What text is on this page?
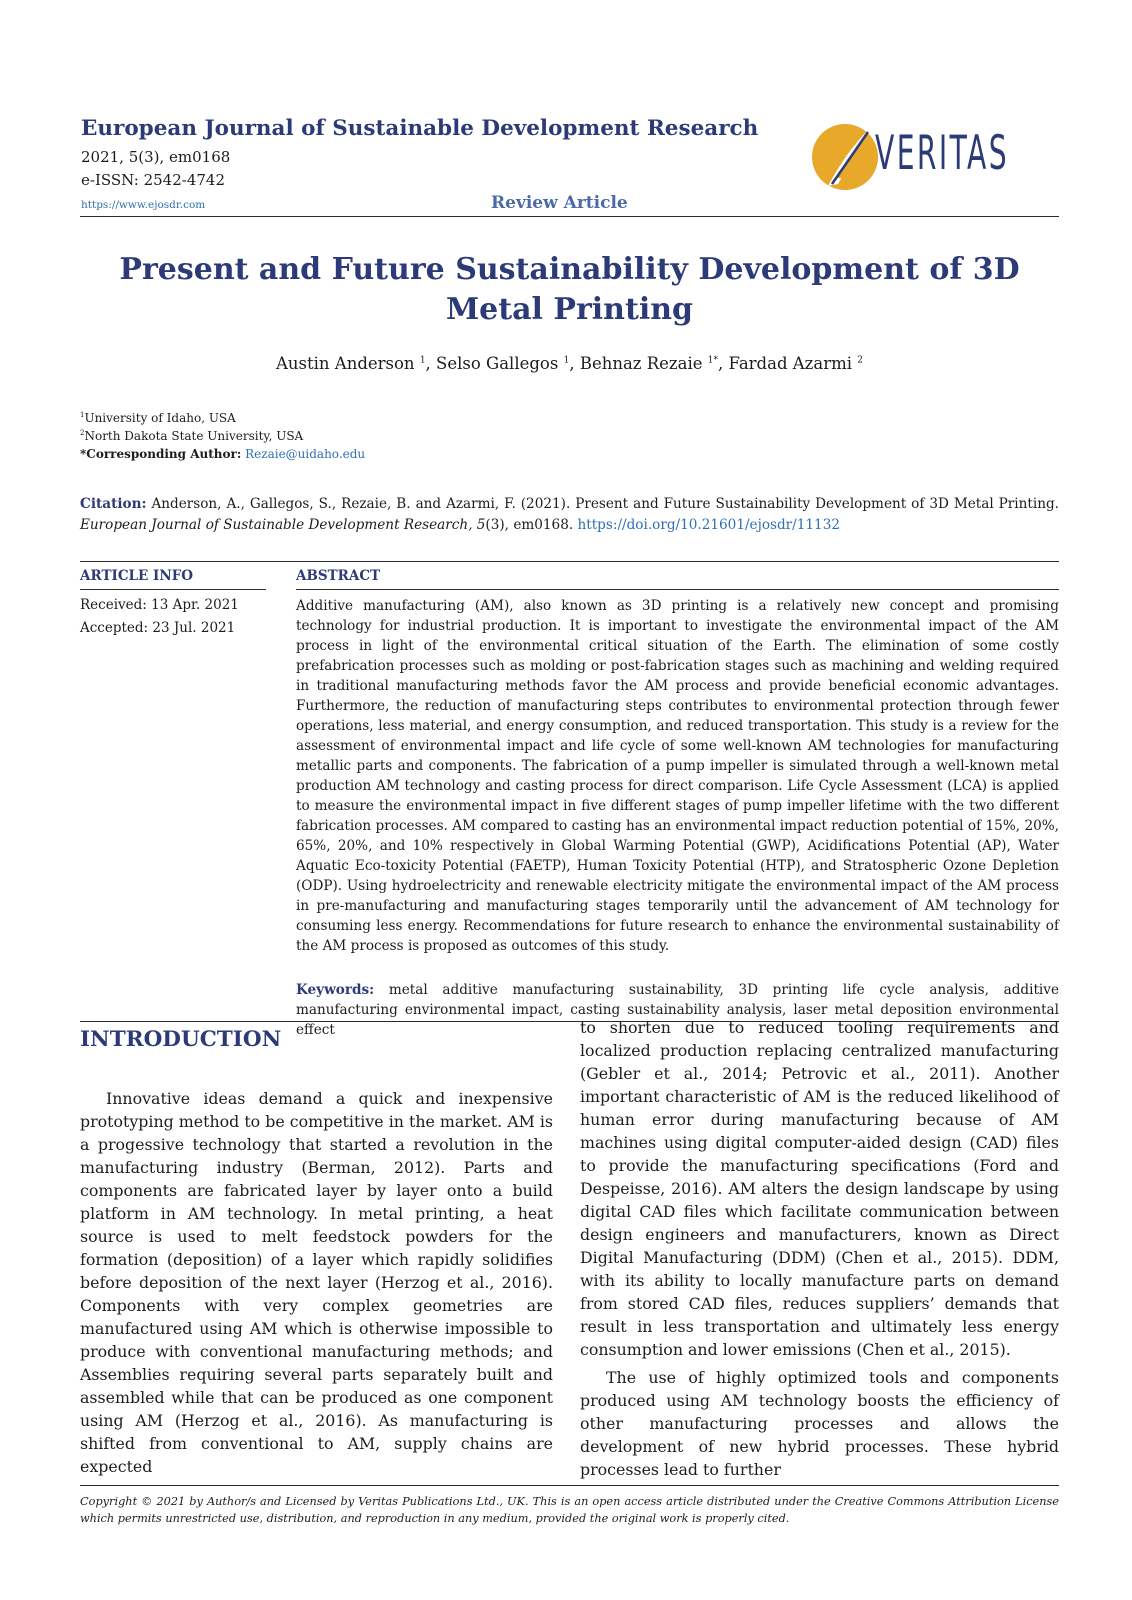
European Journal of Sustainable Development Research
2021, 5(3), em0168
e-ISSN: 2542-4742
https://www.ejosdr.com	Review Article
VERITAS
Present and Future Sustainability Development of 3D Metal Printing
Austin Anderson $^1$, Selso Gallegos $^1$, Behnaz Rezaie $^{1*}$, Fardad Azarmi $^2$
$^1$University of Idaho, USA
$^2$North Dakota State University, USA
*Corresponding Author: Rezaie@uidaho.edu
Citation: Anderson, A., Gallegos, S., Rezaie, B. and Azarmi, F. (2021). Present and Future Sustainability Development of 3D Metal Printing. European Journal of Sustainable Development Research, 5(3), em0168. https://doi.org/10.21601/ejosdr/11132
ARTICLE INFO
Received: 13 Apr. 2021
Accepted: 23 Jul. 2021
ABSTRACT
Additive manufacturing (AM), also known as 3D printing is a relatively new concept and promising technology for industrial production. It is important to investigate the environmental impact of the AM process in light of the environmental critical situation of the Earth. The elimination of some costly prefabrication processes such as molding or post-fabrication stages such as machining and welding required in traditional manufacturing methods favor the AM process and provide beneficial economic advantages. Furthermore, the reduction of manufacturing steps contributes to environmental protection through fewer operations, less material, and energy consumption, and reduced transportation. This study is a review for the assessment of environmental impact and life cycle of some well-known AM technologies for manufacturing metallic parts and components. The fabrication of a pump impeller is simulated through a well-known metal production AM technology and casting process for direct comparison. Life Cycle Assessment (LCA) is applied to measure the environmental impact in five different stages of pump impeller lifetime with the two different fabrication processes. AM compared to casting has an environmental impact reduction potential of 15%, 20%, 65%, 20%, and 10% respectively in Global Warming Potential (GWP), Acidifications Potential (AP), Water Aquatic Eco-toxicity Potential (FAETP), Human Toxicity Potential (HTP), and Stratospheric Ozone Depletion (ODP). Using hydroelectricity and renewable electricity mitigate the environmental impact of the AM process in pre-manufacturing and manufacturing stages temporarily until the advancement of AM technology for consuming less energy. Recommendations for future research to enhance the environmental sustainability of the AM process is proposed as outcomes of this study.
Keywords: metal additive manufacturing sustainability, 3D printing life cycle analysis, additive manufacturing environmental impact, casting sustainability analysis, laser metal deposition environmental effect
INTRODUCTION

Innovative ideas demand a quick and inexpensive prototyping method to be competitive in the market. AM is a progessive technology that started a revolution in the manufacturing industry (Berman, 2012). Parts and components are fabricated layer by layer onto a build platform in AM technology. In metal printing, a heat source is used to melt feedstock powders for the formation (deposition) of a layer which rapidly solidifies before deposition of the next layer (Herzog et al., 2016). Components with very complex geometries are manufactured using AM which is otherwise impossible to produce with conventional manufacturing methods; and Assemblies requiring several parts separately built and assembled while that can be produced as one component using AM (Herzog et al., 2016). As manufacturing is shifted from conventional to AM, supply chains are expected

to shorten due to reduced tooling requirements and localized production replacing centralized manufacturing (Gebler et al., 2014; Petrovic et al., 2011). Another important characteristic of AM is the reduced likelihood of human error during manufacturing because of AM machines using digital computer-aided design (CAD) files to provide the manufacturing specifications (Ford and Despeisse, 2016). AM alters the design landscape by using digital CAD files which facilitate communication between design engineers and manufacturers, known as Direct Digital Manufacturing (DDM) (Chen et al., 2015). DDM, with its ability to locally manufacture parts on demand from stored CAD files, reduces suppliers’ demands that result in less transportation and ultimately less energy consumption and lower emissions (Chen et al., 2015).

The use of highly optimized tools and components produced using AM technology boosts the efficiency of other manufacturing processes and allows the development of new hybrid processes. These hybrid processes lead to further

Copyright © 2021 by Author/s and Licensed by Veritas Publications Ltd., UK. This is an open access article distributed under the Creative Commons Attribution License which permits unrestricted use, distribution, and reproduction in any medium, provided the original work is properly cited.
